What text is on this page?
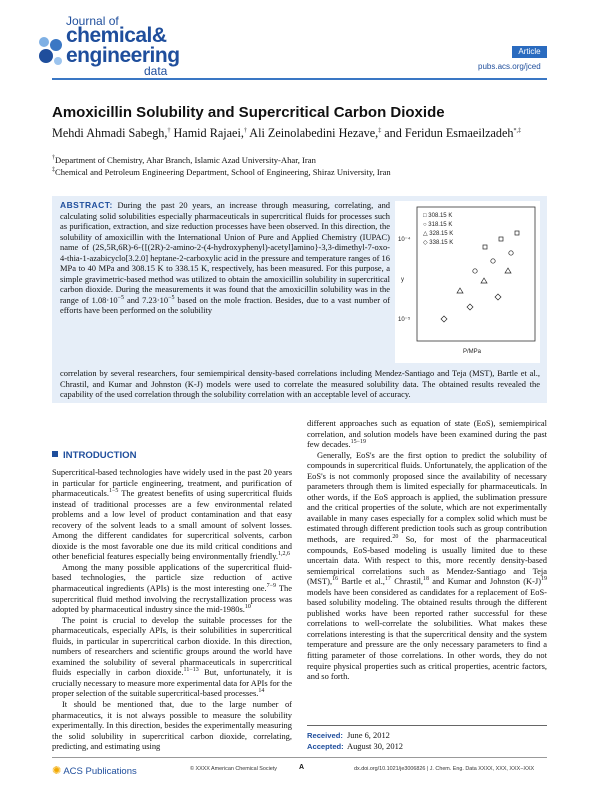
Journal of
chemical&
engineering
data
Article
pubs.acs.org/jced
Amoxicillin Solubility and Supercritical Carbon Dioxide
Mehdi Ahmadi Sabegh,† Hamid Rajaei,† Ali Zeinolabedini Hezave,‡ and Feridun Esmaeilzadeh*,‡
†Department of Chemistry, Ahar Branch, Islamic Azad University-Ahar, Iran
‡Chemical and Petroleum Engineering Department, School of Engineering, Shiraz University, Iran
ABSTRACT: During the past 20 years, an increase through measuring, correlating, and calculating solid solubilities especially pharmaceuticals in supercritical fluids for processes such as purification, extraction, and size reduction processes have been observed. In this direction, the solubility of amoxicillin with the International Union of Pure and Applied Chemistry (IUPAC) name of (2S,5R,6R)-6-{[(2R)-2-amino-2-(4-hydroxyphenyl)-acetyl]amino}-3,3-dimethyl-7-oxo-4-thia-1-azabicyclo[3.2.0] heptane-2-carboxylic acid in the pressure and temperature ranges of 16 MPa to 40 MPa and 308.15 K to 338.15 K, respectively, has been measured. For this purpose, a simple gravimetric-based method was utilized to obtain the amoxicillin solubility in supercritical carbon dioxide. During the measurements it was found that the amoxicillin solubility was in the range of $1.08\cdot 10^{-5}$ and $7.23\cdot 10^{-5}$ based on the mole fraction. Besides, due to a vast number of efforts have been performed on the solubility
correlation by several researchers, four semiempirical density-based correlations including Mendez-Santiago and Teja (MST), Bartle et al., Chrastil, and Kumar and Johnston (K-J) models were used to correlate the measured solubility data. The obtained results revealed the capability of the used correlation through the solubility correlation with an acceptable level of accuracy.
10⁻⁴
10⁻⁵
y
P/MPa
□ 308.15 K
○ 318.15 K
△ 328.15 K
◇ 338.15 K
INTRODUCTION

Supercritical-based technologies have widely used in the past 20 years in particular for particle engineering, treatment, and purification of pharmaceuticals.$^{1-5}$ The greatest benefits of using supercritical fluids instead of traditional processes are a few environmental related problems and a low level of product contamination and that easy recovery of the solvent leads to a small amount of solvent losses. Among the different candidates for supercritical solvents, carbon dioxide is the most favorable one due its mild critical conditions and other beneficial features especially being environmentally friendly.$^{1,2,6}$

Among the many possible applications of the supercritical fluid-based technologies, the particle size reduction of active pharmaceutical ingredients (APIs) is the most interesting one.$^{7-9}$ The supercritical fluid method involving the recrystallization process was adopted by pharmaceutical industry since the mid-1980s.$^{10}$

The point is crucial to develop the suitable processes for the pharmaceuticals, especially APIs, is their solubilities in supercritical fluids, in particular in supercritical carbon dioxide. In this direction, numbers of researchers and scientific groups around the world have examined the solubility of several pharmaceuticals in supercritical fluids especially in carbon dioxide.$^{11-13}$ But, unfortunately, it is crucially necessary to measure more experimental data for APIs for the proper selection of the suitable supercritical-based processes.$^{14}$

It should be mentioned that, due to the large number of pharmaceutics, it is not always possible to measure the solubility experimentally. In this direction, besides the experimentally measuring the solid solubility in supercritical carbon dioxide, correlating, predicting, and estimating using

different approaches such as equation of state (EoS), semiempirical correlation, and solution models have been examined during the past few decades.$^{15-19}$

Generally, EoS's are the first option to predict the solubility of compounds in supercritical fluids. Unfortunately, the application of the EoS's is not commonly proposed since the availability of necessary parameters through them is limited especially for pharmaceuticals. In other words, if the EoS approach is applied, the sublimation pressure and the critical properties of the solute, which are not experimentally available in many cases especially for a complex solid which must be estimated through different prediction tools such as group contribution methods, are required.$^{20}$ So, for most of the pharmaceutical compounds, EoS-based modeling is usually limited due to these uncertain data. With respect to this, more recently density-based semiempirical correlations such as Mendez-Santiago and Teja (MST),$^{16}$ Bartle et al.,$^{17}$ Chrastil,$^{18}$ and Kumar and Johnston $(K-J)^{19}$ models have been considered as candidates for a replacement of EoS-based solubility modeling. The obtained results through the different published works have been reported rather successful for these correlations to well-correlate the solubilities. What makes these correlations interesting is that the supercritical density and the system temperature and pressure are the only necessary parameters to find a fitting parameter of those correlations. In other words, they do not require physical properties such as critical properties, acentric factors, and so forth.

Received: June 6, 2012
Accepted: August 30, 2012
✺ ACS Publications	© XXXX American Chemical Society	A	dx.doi.org/10.1021/je3006826 | J. Chem. Eng. Data XXXX, XXX, XXX−XXX
